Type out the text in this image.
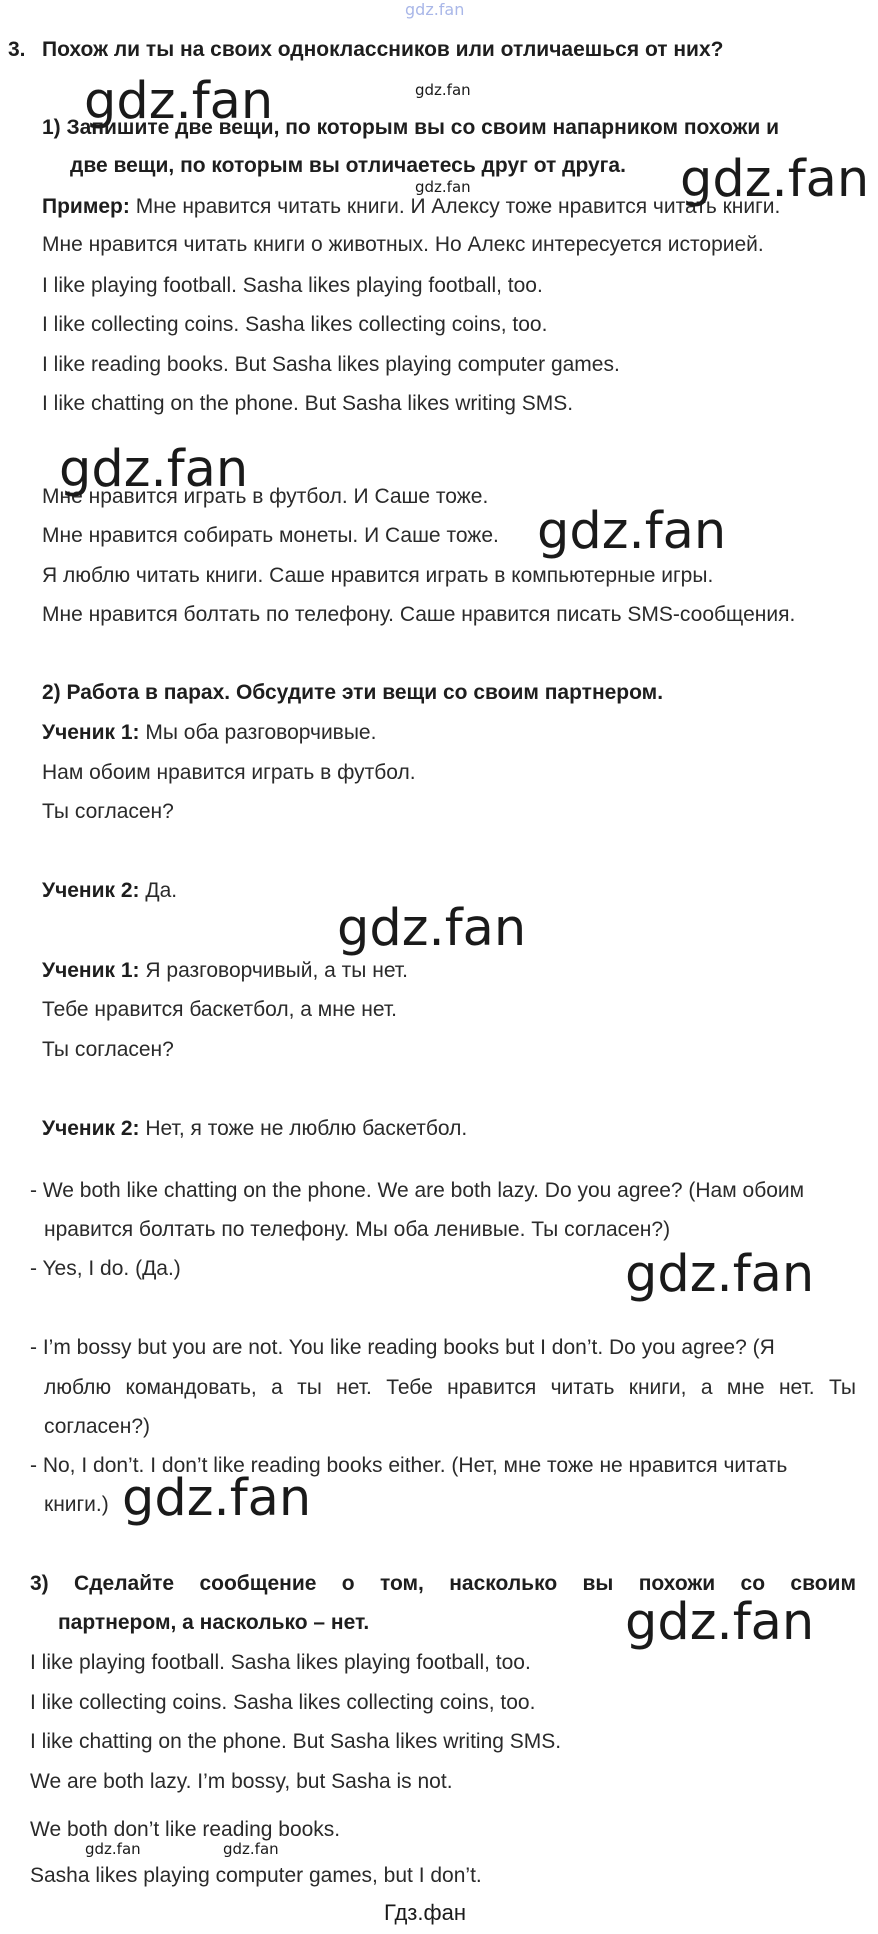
gdz.fan
3. Похож ли ты на своих одноклассников или отличаешься от них?
1) Запишите две вещи, по которым вы со своим напарником похожи и
две вещи, по которым вы отличаетесь друг от друга.
Пример: Мне нравится читать книги. И Алексу тоже нравится читать книги.
Мне нравится читать книги о животных. Но Алекс интересуется историей.
I like playing football. Sasha likes playing football, too.
I like collecting coins. Sasha likes collecting coins, too.
I like reading books. But Sasha likes playing computer games.
I like chatting on the phone. But Sasha likes writing SMS.
Мне нравится играть в футбол. И Саше тоже.
Мне нравится собирать монеты. И Саше тоже.
Я люблю читать книги. Саше нравится играть в компьютерные игры.
Мне нравится болтать по телефону. Саше нравится писать SMS-сообщения.
2) Работа в парах. Обсудите эти вещи со своим партнером.
Ученик 1: Мы оба разговорчивые.
Нам обоим нравится играть в футбол.
Ты согласен?
Ученик 2: Да.
Ученик 1: Я разговорчивый, а ты нет.
Тебе нравится баскетбол, а мне нет.
Ты согласен?
Ученик 2: Нет, я тоже не люблю баскетбол.
- We both like chatting on the phone. We are both lazy. Do you agree? (Нам обоим
нравится болтать по телефону. Мы оба ленивые. Ты согласен?)
- Yes, I do. (Да.)
- I’m bossy but you are not. You like reading books but I don’t. Do you agree? (Я
люблю командовать, а ты нет. Тебе нравится читать книги, а мне нет. Ты
согласен?)
- No, I don’t. I don’t like reading books either. (Нет, мне тоже не нравится читать
книги.)
3) Сделайте сообщение о том, насколько вы похожи со своим
партнером, а насколько – нет.
I like playing football. Sasha likes playing football, too.
I like collecting coins. Sasha likes collecting coins, too.
I like chatting on the phone. But Sasha likes writing SMS.
We are both lazy. I’m bossy, but Sasha is not.
We both don’t like reading books.
Sasha likes playing computer games, but I don’t.
gdz.fan	gdz.fan
gdz.fan
gdz.fan
gdz.fan
gdz.fan
gdz.fan
gdz.fan
gdz.fan
gdz.fan
gdz.fan	gdz.fan
Гдз.фан
